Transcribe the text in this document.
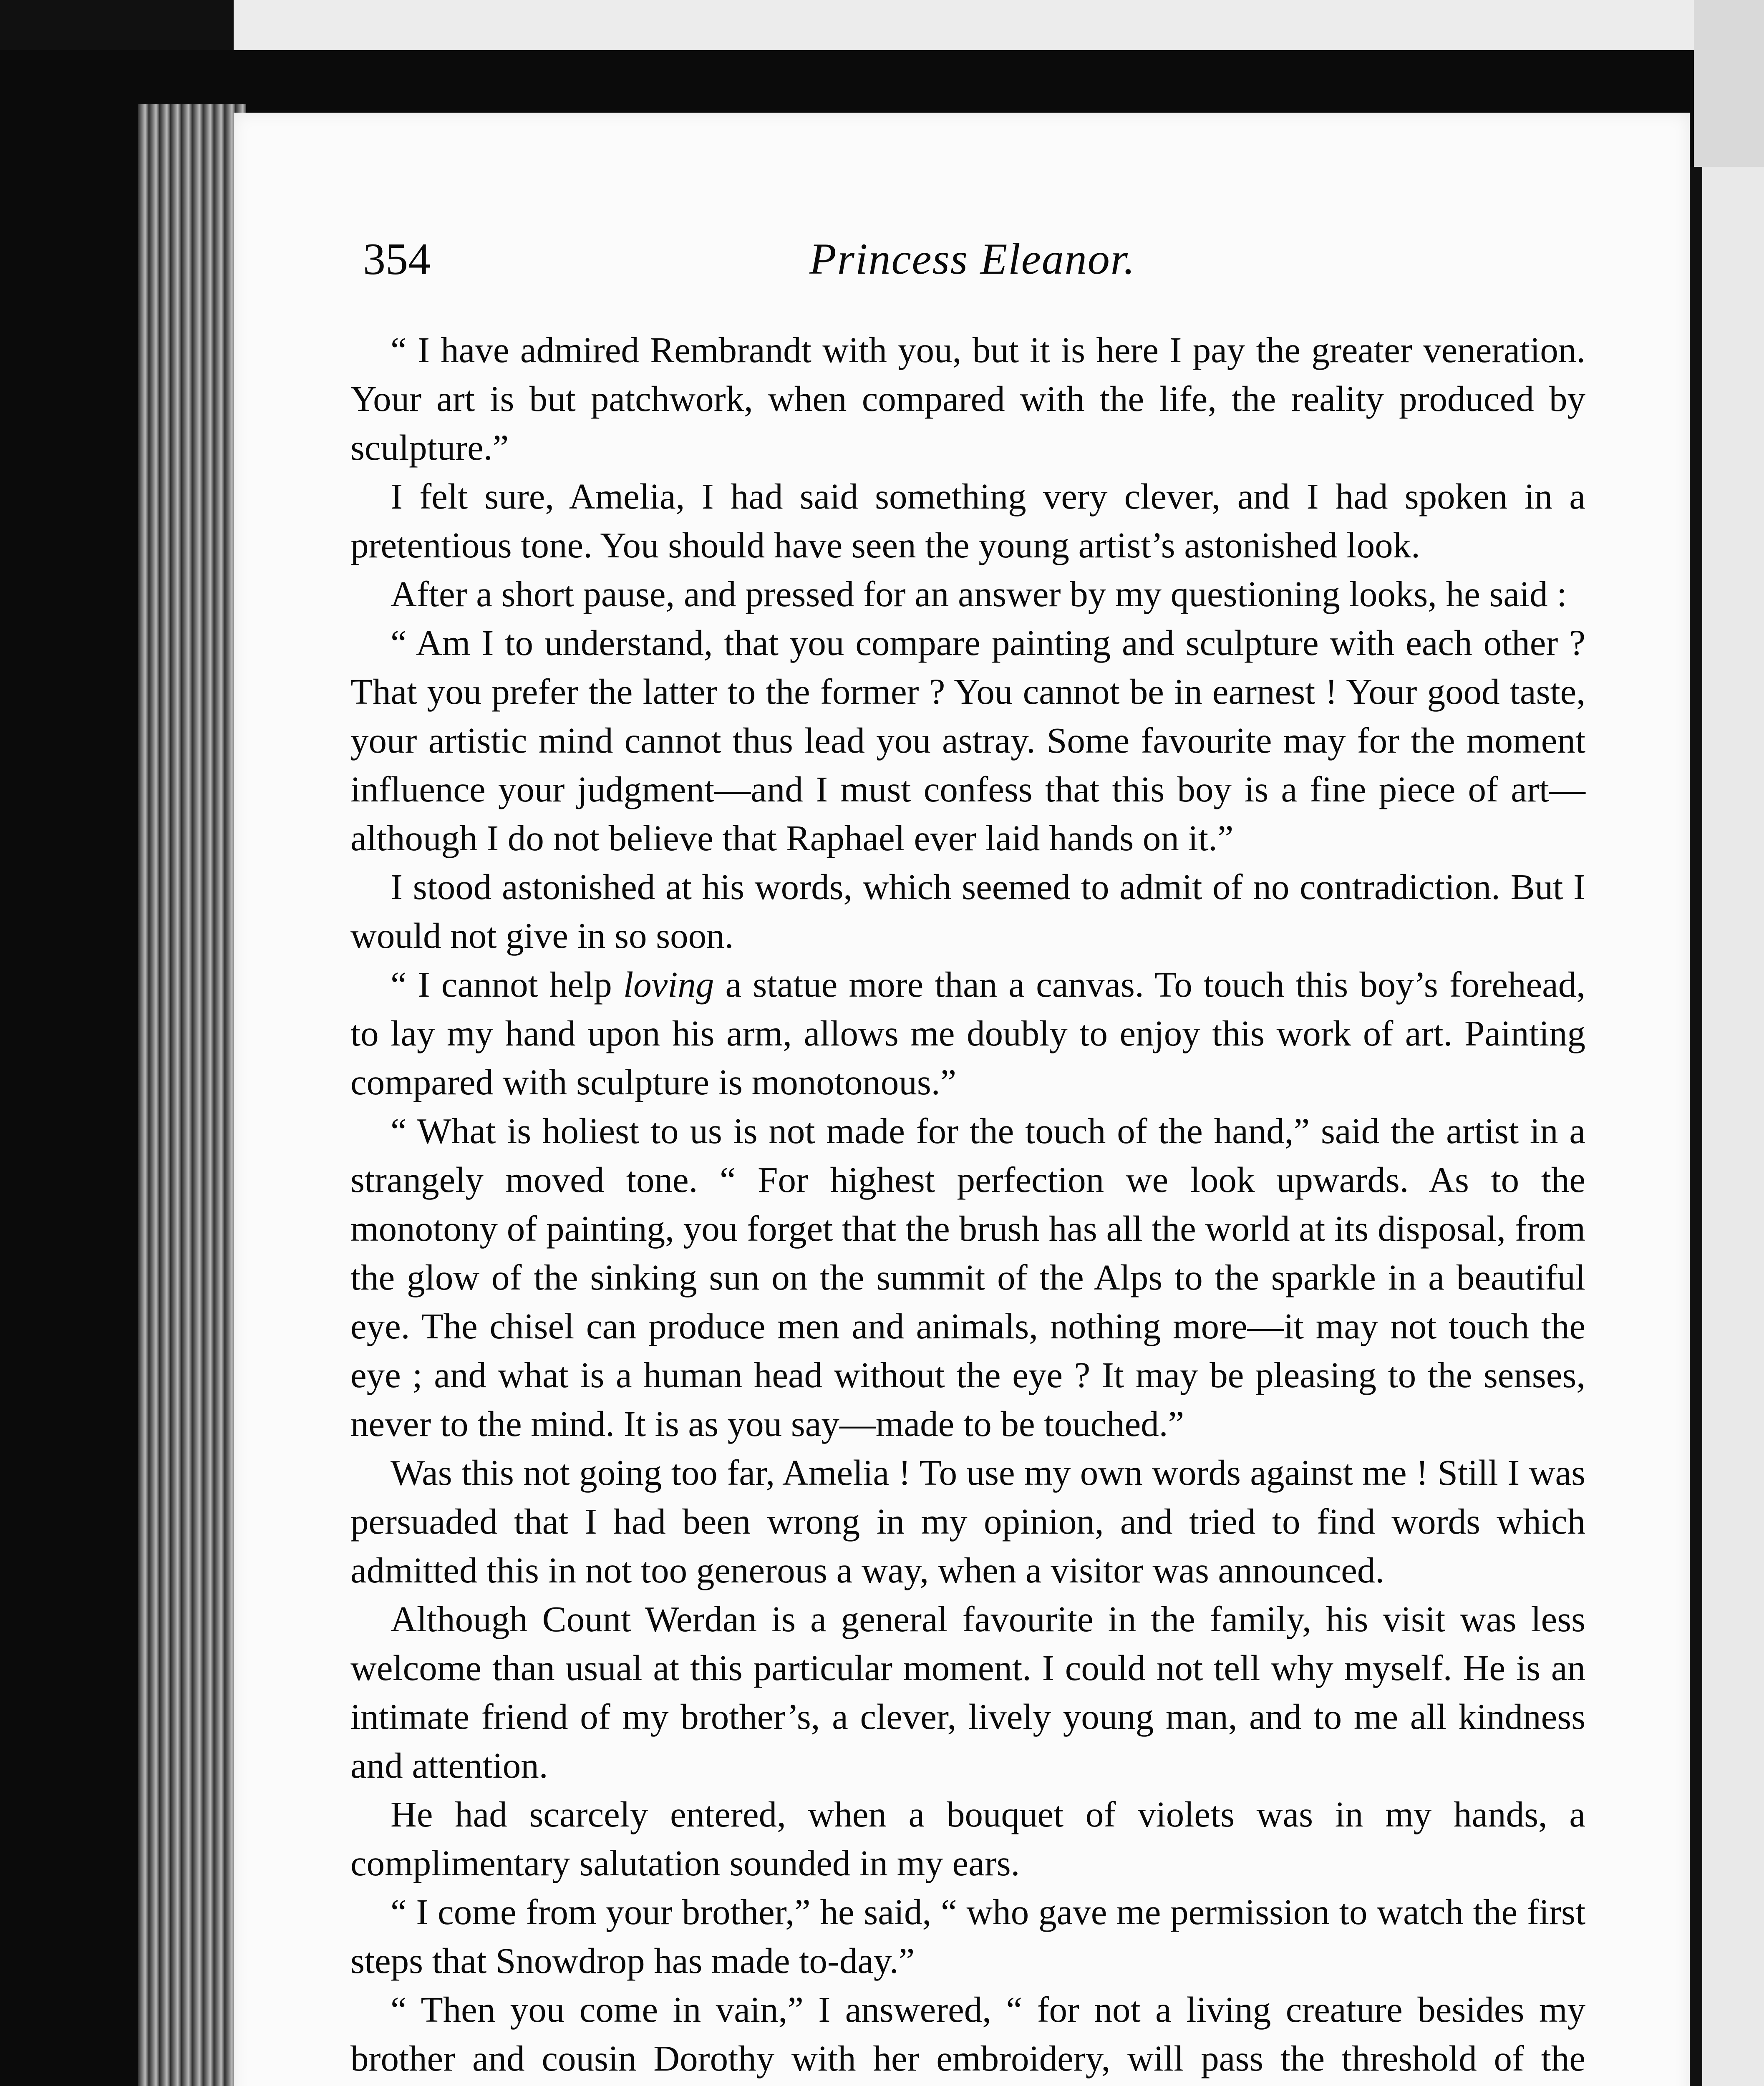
354	Princess Eleanor.

“ I have admired Rembrandt with you, but it is here I pay the greater veneration. Your art is but patchwork, when compared with the life, the reality produced by sculpture.”

I felt sure, Amelia, I had said something very clever, and I had spoken in a pretentious tone. You should have seen the young artist’s astonished look.

After a short pause, and pressed for an answer by my questioning looks, he said :

“ Am I to understand, that you compare painting and sculpture with each other ? That you prefer the latter to the former ? You cannot be in earnest ! Your good taste, your artistic mind cannot thus lead you astray. Some favourite may for the moment influence your judgment—and I must confess that this boy is a fine piece of art—although I do not believe that Raphael ever laid hands on it.”

I stood astonished at his words, which seemed to admit of no contradiction. But I would not give in so soon.

“ I cannot help loving a statue more than a canvas. To touch this boy’s forehead, to lay my hand upon his arm, allows me doubly to enjoy this work of art. Painting compared with sculpture is monotonous.”

“ What is holiest to us is not made for the touch of the hand,” said the artist in a strangely moved tone. “ For highest perfection we look upwards. As to the monotony of painting, you forget that the brush has all the world at its disposal, from the glow of the sinking sun on the summit of the Alps to the sparkle in a beautiful eye. The chisel can produce men and animals, nothing more—it may not touch the eye ; and what is a human head without the eye ? It may be pleasing to the senses, never to the mind. It is as you say—made to be touched.”

Was this not going too far, Amelia ! To use my own words against me ! Still I was persuaded that I had been wrong in my opinion, and tried to find words which admitted this in not too generous a way, when a visitor was announced.

Although Count Werdan is a general favourite in the family, his visit was less welcome than usual at this particular moment. I could not tell why myself. He is an intimate friend of my brother’s, a clever, lively young man, and to me all kindness and attention.

He had scarcely entered, when a bouquet of violets was in my hands, a complimentary salutation sounded in my ears.

“ I come from your brother,” he said, “ who gave me permission to watch the first steps that Snowdrop has made to-day.”

“ Then you come in vain,” I answered, “ for not a living creature besides my brother and cousin Dorothy with her embroidery, will pass the threshold of the
